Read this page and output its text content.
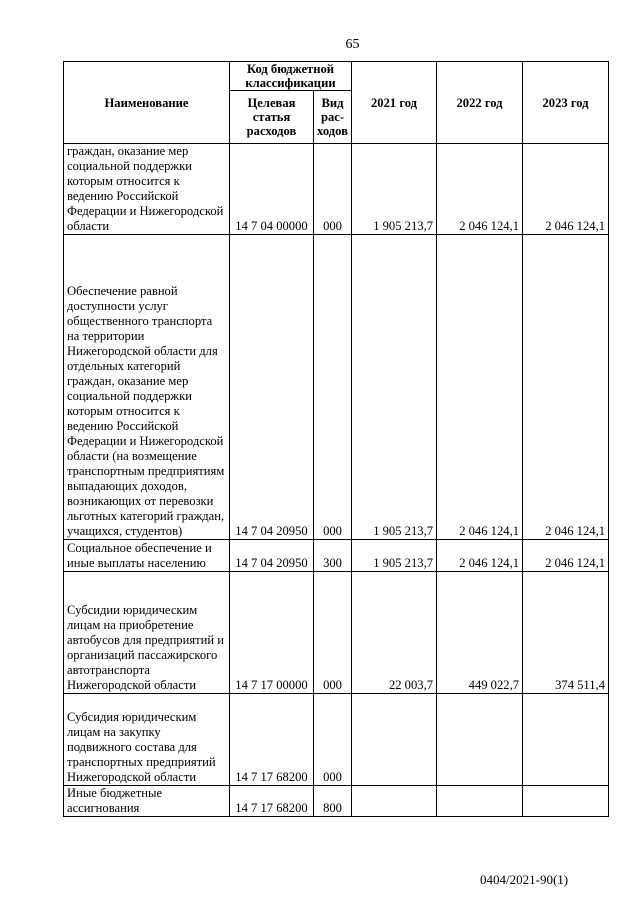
65
Наименование	Код бюджетной классификации		2021 год	2022 год	2023 год
	Целевая статья расходов	Вид рас-ходов			
граждан, оказание мер социальной поддержки которым относится к ведению Российской Федерации и Нижегородской области	14 7 04 00000	000	1 905 213,7	2 046 124,1	2 046 124,1
Обеспечение равной доступности услуг общественного транспорта на территории Нижегородской области для отдельных категорий граждан, оказание мер социальной поддержки которым относится к ведению Российской Федерации и Нижегородской области (на возмещение транспортным предприятиям выпадающих доходов, возникающих от перевозки льготных категорий граждан, учащихся, студентов)	14 7 04 20950	000	1 905 213,7	2 046 124,1	2 046 124,1
Социальное обеспечение и иные выплаты населению	14 7 04 20950	300	1 905 213,7	2 046 124,1	2 046 124,1
Субсидии юридическим лицам на приобретение автобусов для предприятий и организаций пассажирского автотранспорта Нижегородской области	14 7 17 00000	000	22 003,7	449 022,7	374 511,4
Субсидия юридическим лицам на закупку подвижного состава для транспортных предприятий Нижегородской области	14 7 17 68200	000			
Иные бюджетные ассигнования	14 7 17 68200	800			
0404/2021-90(1)
